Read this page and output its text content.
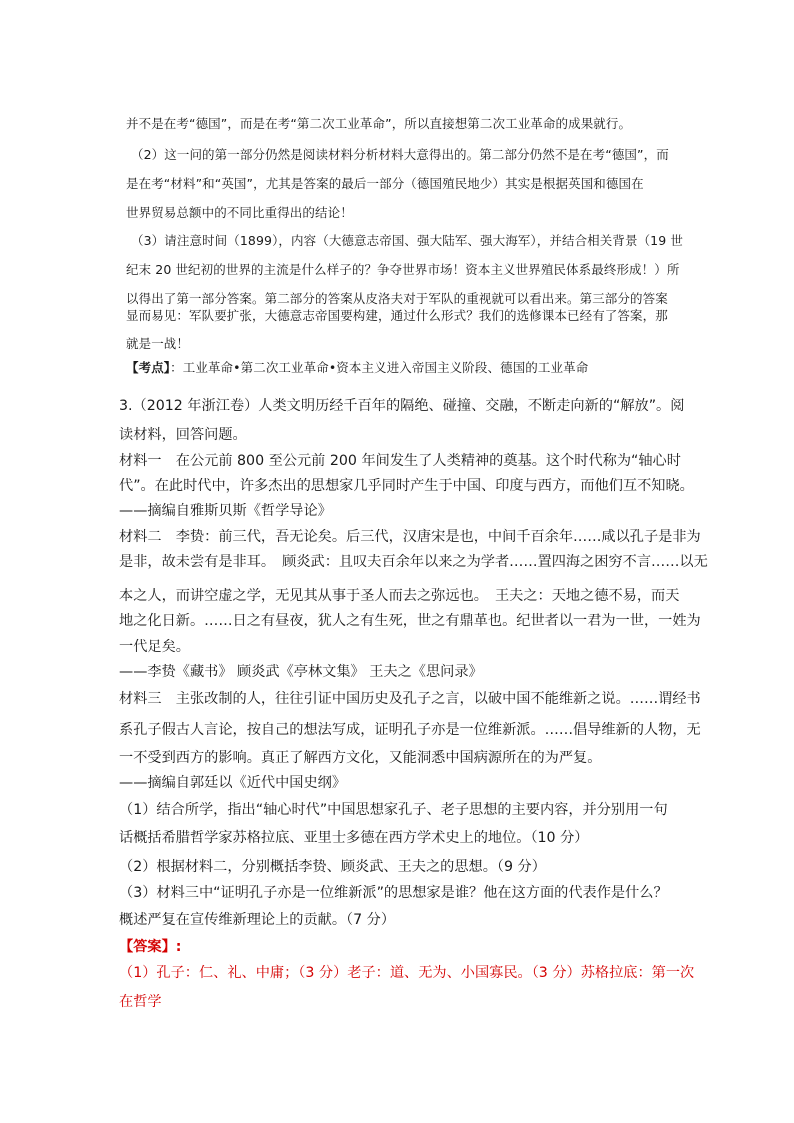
并不是在考“德国”，而是在考“第二次工业革命”，所以直接想第二次工业革命的成果就行。
（2）这一问的第一部分仍然是阅读材料分析材料大意得出的。第二部分仍然不是在考“德国”，而
是在考“材料”和“英国”，尤其是答案的最后一部分（德国殖民地少）其实是根据英国和德国在
世界贸易总额中的不同比重得出的结论！
（3）请注意时间（1899），内容（大德意志帝国、强大陆军、强大海军），并结合相关背景（19 世
纪末 20 世纪初的世界的主流是什么样子的？争夺世界市场！资本主义世界殖民体系最终形成！）所
以得出了第一部分答案。第二部分的答案从皮洛夫对于军队的重视就可以看出来。第三部分的答案
显而易见：军队要扩张，大德意志帝国要构建，通过什么形式？我们的选修课本已经有了答案，那
就是一战！
【考点】：工业革命•第二次工业革命•资本主义进入帝国主义阶段、德国的工业革命
3.（2012 年浙江卷）人类文明历经千百年的隔绝、碰撞、交融，不断走向新的“解放”。阅
读材料，回答问题。
材料一　在公元前 800 至公元前 200 年间发生了人类精神的奠基。这个时代称为“轴心时
代”。在此时代中，许多杰出的思想家几乎同时产生于中国、印度与西方，而他们互不知晓。
——摘编自雅斯贝斯《哲学导论》
材料二　李贽：前三代，吾无论矣。后三代，汉唐宋是也，中间千百余年……咸以孔子是非为
是非，故未尝有是非耳。　顾炎武：且叹夫百余年以来之为学者……置四海之困穷不言……以无
本之人，而讲空虚之学，无见其从事于圣人而去之弥远也。　王夫之：天地之德不易，而天
地之化日新。……日之有昼夜，犹人之有生死，世之有鼎革也。纪世者以一君为一世，一姓为
一代足矣。
——李贽《藏书》 顾炎武《亭林文集》 王夫之《思问录》
材料三　主张改制的人，往往引证中国历史及孔子之言，以破中国不能维新之说。……谓经书
系孔子假古人言论，按自己的想法写成，证明孔子亦是一位维新派。……倡导维新的人物，无
一不受到西方的影响。真正了解西方文化，又能洞悉中国病源所在的为严复。
——摘编自郭廷以《近代中国史纲》
（1）结合所学，指出“轴心时代”中国思想家孔子、老子思想的主要内容，并分别用一句
话概括希腊哲学家苏格拉底、亚里士多德在西方学术史上的地位。（10 分）
（2）根据材料二，分别概括李贽、顾炎武、王夫之的思想。（9 分）
（3）材料三中“证明孔子亦是一位维新派”的思想家是谁？他在这方面的代表作是什么？
概述严复在宣传维新理论上的贡献。（7 分）
【答案】:
（1）孔子：仁、礼、中庸；（3 分）老子：道、无为、小国寡民。（3 分）苏格拉底：第一次
在哲学
